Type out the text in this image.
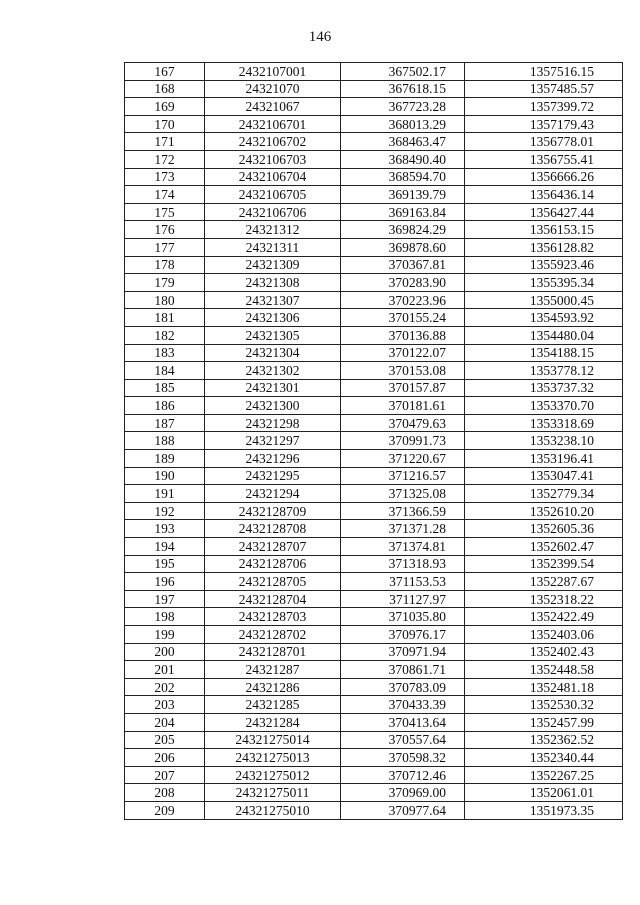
146
167	2432107001	367502.17	1357516.15
168	24321070	367618.15	1357485.57
169	24321067	367723.28	1357399.72
170	2432106701	368013.29	1357179.43
171	2432106702	368463.47	1356778.01
172	2432106703	368490.40	1356755.41
173	2432106704	368594.70	1356666.26
174	2432106705	369139.79	1356436.14
175	2432106706	369163.84	1356427.44
176	24321312	369824.29	1356153.15
177	24321311	369878.60	1356128.82
178	24321309	370367.81	1355923.46
179	24321308	370283.90	1355395.34
180	24321307	370223.96	1355000.45
181	24321306	370155.24	1354593.92
182	24321305	370136.88	1354480.04
183	24321304	370122.07	1354188.15
184	24321302	370153.08	1353778.12
185	24321301	370157.87	1353737.32
186	24321300	370181.61	1353370.70
187	24321298	370479.63	1353318.69
188	24321297	370991.73	1353238.10
189	24321296	371220.67	1353196.41
190	24321295	371216.57	1353047.41
191	24321294	371325.08	1352779.34
192	2432128709	371366.59	1352610.20
193	2432128708	371371.28	1352605.36
194	2432128707	371374.81	1352602.47
195	2432128706	371318.93	1352399.54
196	2432128705	371153.53	1352287.67
197	2432128704	371127.97	1352318.22
198	2432128703	371035.80	1352422.49
199	2432128702	370976.17	1352403.06
200	2432128701	370971.94	1352402.43
201	24321287	370861.71	1352448.58
202	24321286	370783.09	1352481.18
203	24321285	370433.39	1352530.32
204	24321284	370413.64	1352457.99
205	24321275014	370557.64	1352362.52
206	24321275013	370598.32	1352340.44
207	24321275012	370712.46	1352267.25
208	24321275011	370969.00	1352061.01
209	24321275010	370977.64	1351973.35
